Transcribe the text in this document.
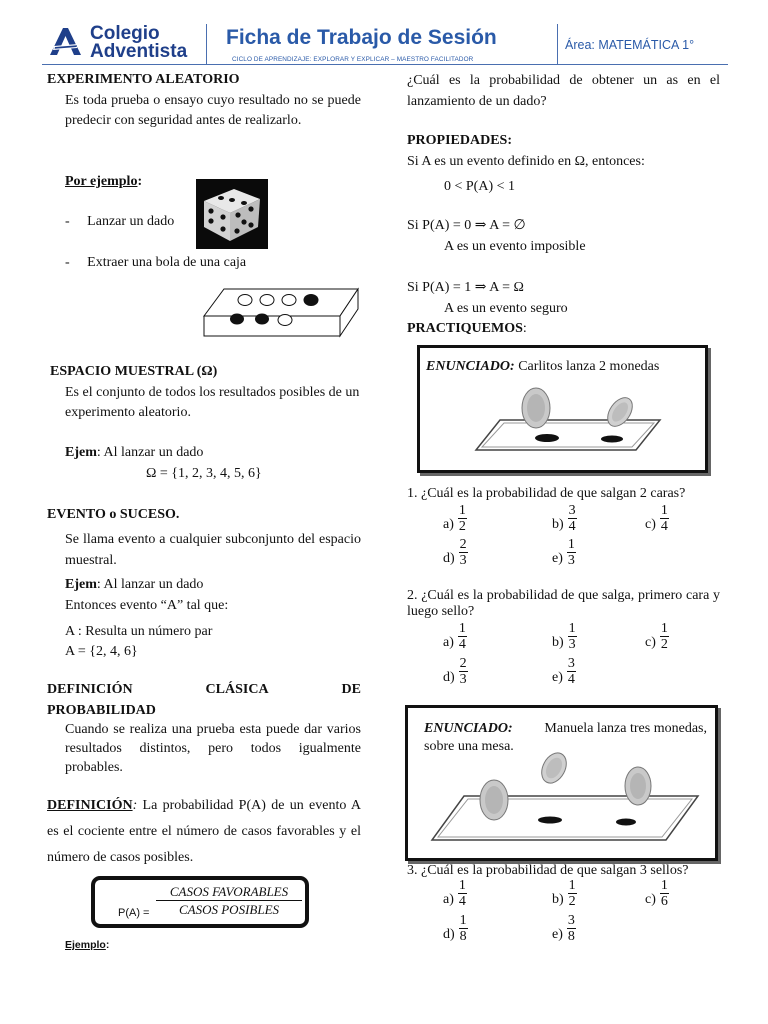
Colegio
Adventista
Ficha de Trabajo de Sesión
CICLO DE APRENDIZAJE: EXPLORAR Y EXPLICAR – MAESTRO FACILITADOR
Área: MATEMÁTICA 1°
EXPERIMENTO ALEATORIO
Es toda prueba o ensayo cuyo resultado no se puede predecir con seguridad antes de realizarlo.
Por ejemplo:
- Lanzar un dado
- Extraer una bola de una caja
ESPACIO MUESTRAL (Ω)
Es el conjunto de todos los resultados posibles de un experimento aleatorio.
Ejem: Al lanzar un dado
Ω = {1, 2, 3, 4, 5, 6}
EVENTO o SUCESO.
Se llama evento a cualquier subconjunto del espacio muestral.
Ejem: Al lanzar un dado
Entonces evento “A” tal que:
A : Resulta un número par
A = {2, 4, 6}
DEFINICIÓN	CLÁSICA	DE
PROBABILIDAD
Cuando se realiza una prueba esta puede dar varios resultados distintos, pero todos igualmente probables.
DEFINICIÓN: La probabilidad P(A) de un evento A es el cociente entre el número de casos favorables y el número de casos posibles.
P(A) =
CASOS FAVORABLES
CASOS POSIBLES
Ejemplo:
¿Cuál es la probabilidad de obtener un as en el lanzamiento de un dado?
PROPIEDADES:
Si A es un evento definido en Ω, entonces:
0 < P(A) < 1
Si P(A) = 0 ⇒ A = ∅
A es un evento imposible
Si P(A) = 1 ⇒ A = Ω
A es un evento seguro
PRACTIQUEMOS:
ENUNCIADO: Carlitos lanza 2 monedas
1. ¿Cuál es la probabilidad de que salgan 2 caras?
$a) \frac{1}{2}$	$b) \frac{3}{4}$	$c) \frac{1}{4}$
$d) \frac{2}{3}$	$e) \frac{1}{3}$
2. ¿Cuál es la probabilidad de que salga, primero cara y luego sello?
$a) \frac{1}{4}$	$b) \frac{1}{3}$	$c) \frac{1}{2}$
$d) \frac{2}{3}$	$e) \frac{3}{4}$
ENUNCIADO: Manuela lanza tres monedas, sobre una mesa.
3. ¿Cuál es la probabilidad de que salgan 3 sellos?
$a) \frac{1}{4}$	$b) \frac{1}{2}$	$c) \frac{1}{6}$
$d) \frac{1}{8}$	$e) \frac{3}{8}$
